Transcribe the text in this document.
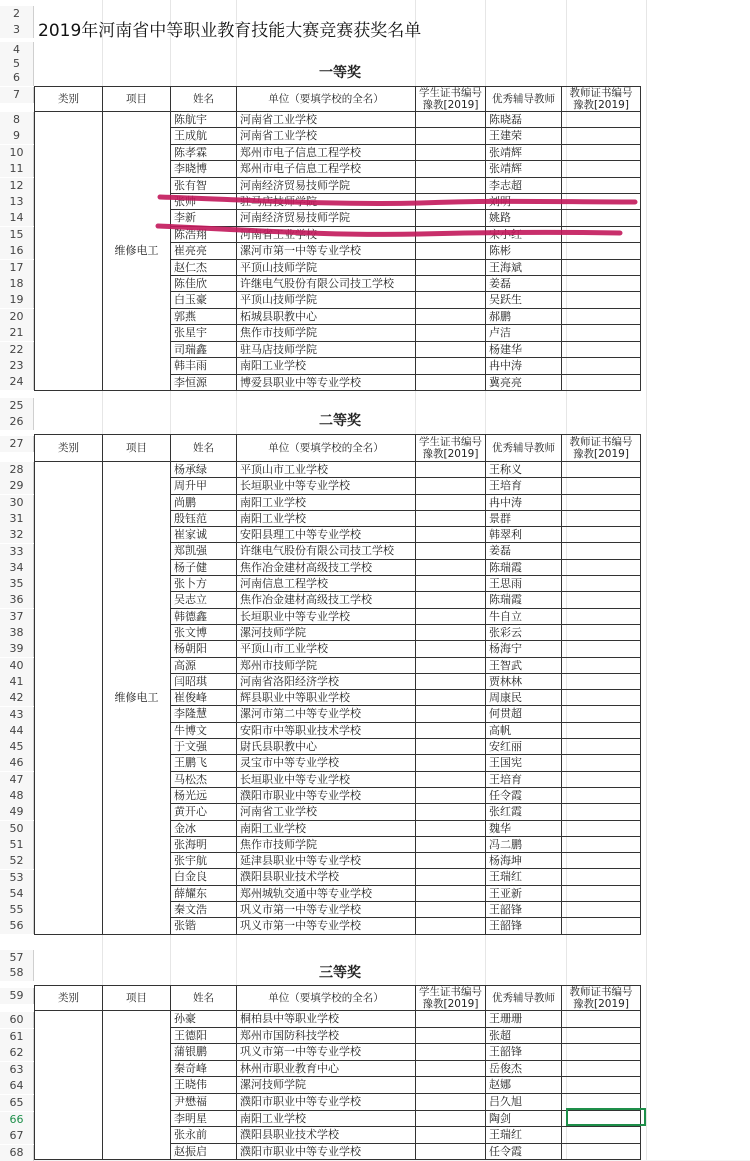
2
3
4
5
6
7
8
9
10
11
12
13
14
15
16
17
18
19
20
21
22
23
24
25
26
27
28
29
30
31
32
33
34
35
36
37
38
39
40
41
42
43
44
45
46
47
48
49
50
51
52
53
54
55
56
57
58
59
60
61
62
63
64
65
66
67
68
2019年河南省中等职业教育技能大赛竞赛获奖名单
一等奖
类别	项目	姓名	单位（要填学校的全名）	学生证书编号豫教[2019]	优秀辅导教师	教师证书编号豫教[2019]
	维修电工	陈航宇	河南省工业学校		陈晓磊	
		王成航	河南省工业学校		王建荣	
		陈孝霖	郑州市电子信息工程学校		张靖辉	
		李晓博	郑州市电子信息工程学校		张靖辉	
		张有智	河南经济贸易技师学院		李志超	
		张帅	驻马店技师学院		刘明	
		李新	河南经济贸易技师学院		姚路	
		陈浩翔	河南省工业学校		宋小红	
		崔亮亮	漯河市第一中等专业学校		陈彬	
		赵仁杰	平顶山技师学院		王海斌	
		陈佳欣	许继电气股份有限公司技工学校		姜磊	
		白玉豪	平顶山技师学院		吴跃生	
		郭燕	柘城县职教中心		郝鹏	
		张星宇	焦作市技师学院		卢洁	
		司瑞鑫	驻马店技师学院		杨建华	
		韩丰雨	南阳工业学校		冉中涛	
		李恒源	博爱县职业中等专业学校		冀亮亮	
二等奖
类别	项目	姓名	单位（要填学校的全名）	学生证书编号豫教[2019]	优秀辅导教师	教师证书编号豫教[2019]
	维修电工	杨承绿	平顶山市工业学校		王称义	
		周升甲	长垣职业中等专业学校		王培育	
		尚鹏	南阳工业学校		冉中涛	
		殷钰范	南阳工业学校		景群	
		崔家诚	安阳县理工中等专业学校		韩翠利	
		郑凯强	许继电气股份有限公司技工学校		姜磊	
		杨子健	焦作冶金建材高级技工学校		陈瑞霞	
		张卜方	河南信息工程学校		王思雨	
		吴志立	焦作冶金建材高级技工学校		陈瑞霞	
		韩德鑫	长垣职业中等专业学校		牛自立	
		张文博	漯河技师学院		张彩云	
		杨朝阳	平顶山市工业学校		杨海宁	
		高源	郑州市技师学院		王智武	
		闫昭琪	河南省洛阳经济学校		贾林林	
		崔俊峰	辉县职业中等职业学校		周康民	
		李隆慧	漯河市第二中等专业学校		何贯超	
		牛博文	安阳市中等职业技术学校		高帆	
		于文强	尉氏县职教中心		安红丽	
		王鹏飞	灵宝市中等专业学校		王国宪	
		马松杰	长垣职业中等专业学校		王培育	
		杨光远	濮阳市职业中等专业学校		任令霞	
		黄开心	河南省工业学校		张红霞	
		金冰	南阳工业学校		魏华	
		张海明	焦作市技师学院		冯二鹏	
		张宇航	延津县职业中等专业学校		杨海坤	
		白金良	濮阳县职业技术学校		王瑞红	
		薛耀东	郑州城轨交通中等专业学校		王亚新	
		秦文浩	巩义市第一中等专业学校		王韶锋	
		张锴	巩义市第一中等专业学校		王韶锋	
三等奖
类别	项目	姓名	单位（要填学校的全名）	学生证书编号豫教[2019]	优秀辅导教师	教师证书编号豫教[2019]
		孙豪	桐柏县中等职业学校		王珊珊	
		王德阳	郑州市国防科技学校		张超	
		蒲银鹏	巩义市第一中等专业学校		王韶锋	
		秦奇峰	林州市职业教育中心		岳俊杰	
		王晓伟	漯河技师学院		赵娜	
		尹懋福	濮阳市职业中等专业学校		吕久旭	
		李明星	南阳工业学校		陶剑	
		张永前	濮阳县职业技术学校		王瑞红	
		赵振启	濮阳市职业中等专业学校		任令霞	
